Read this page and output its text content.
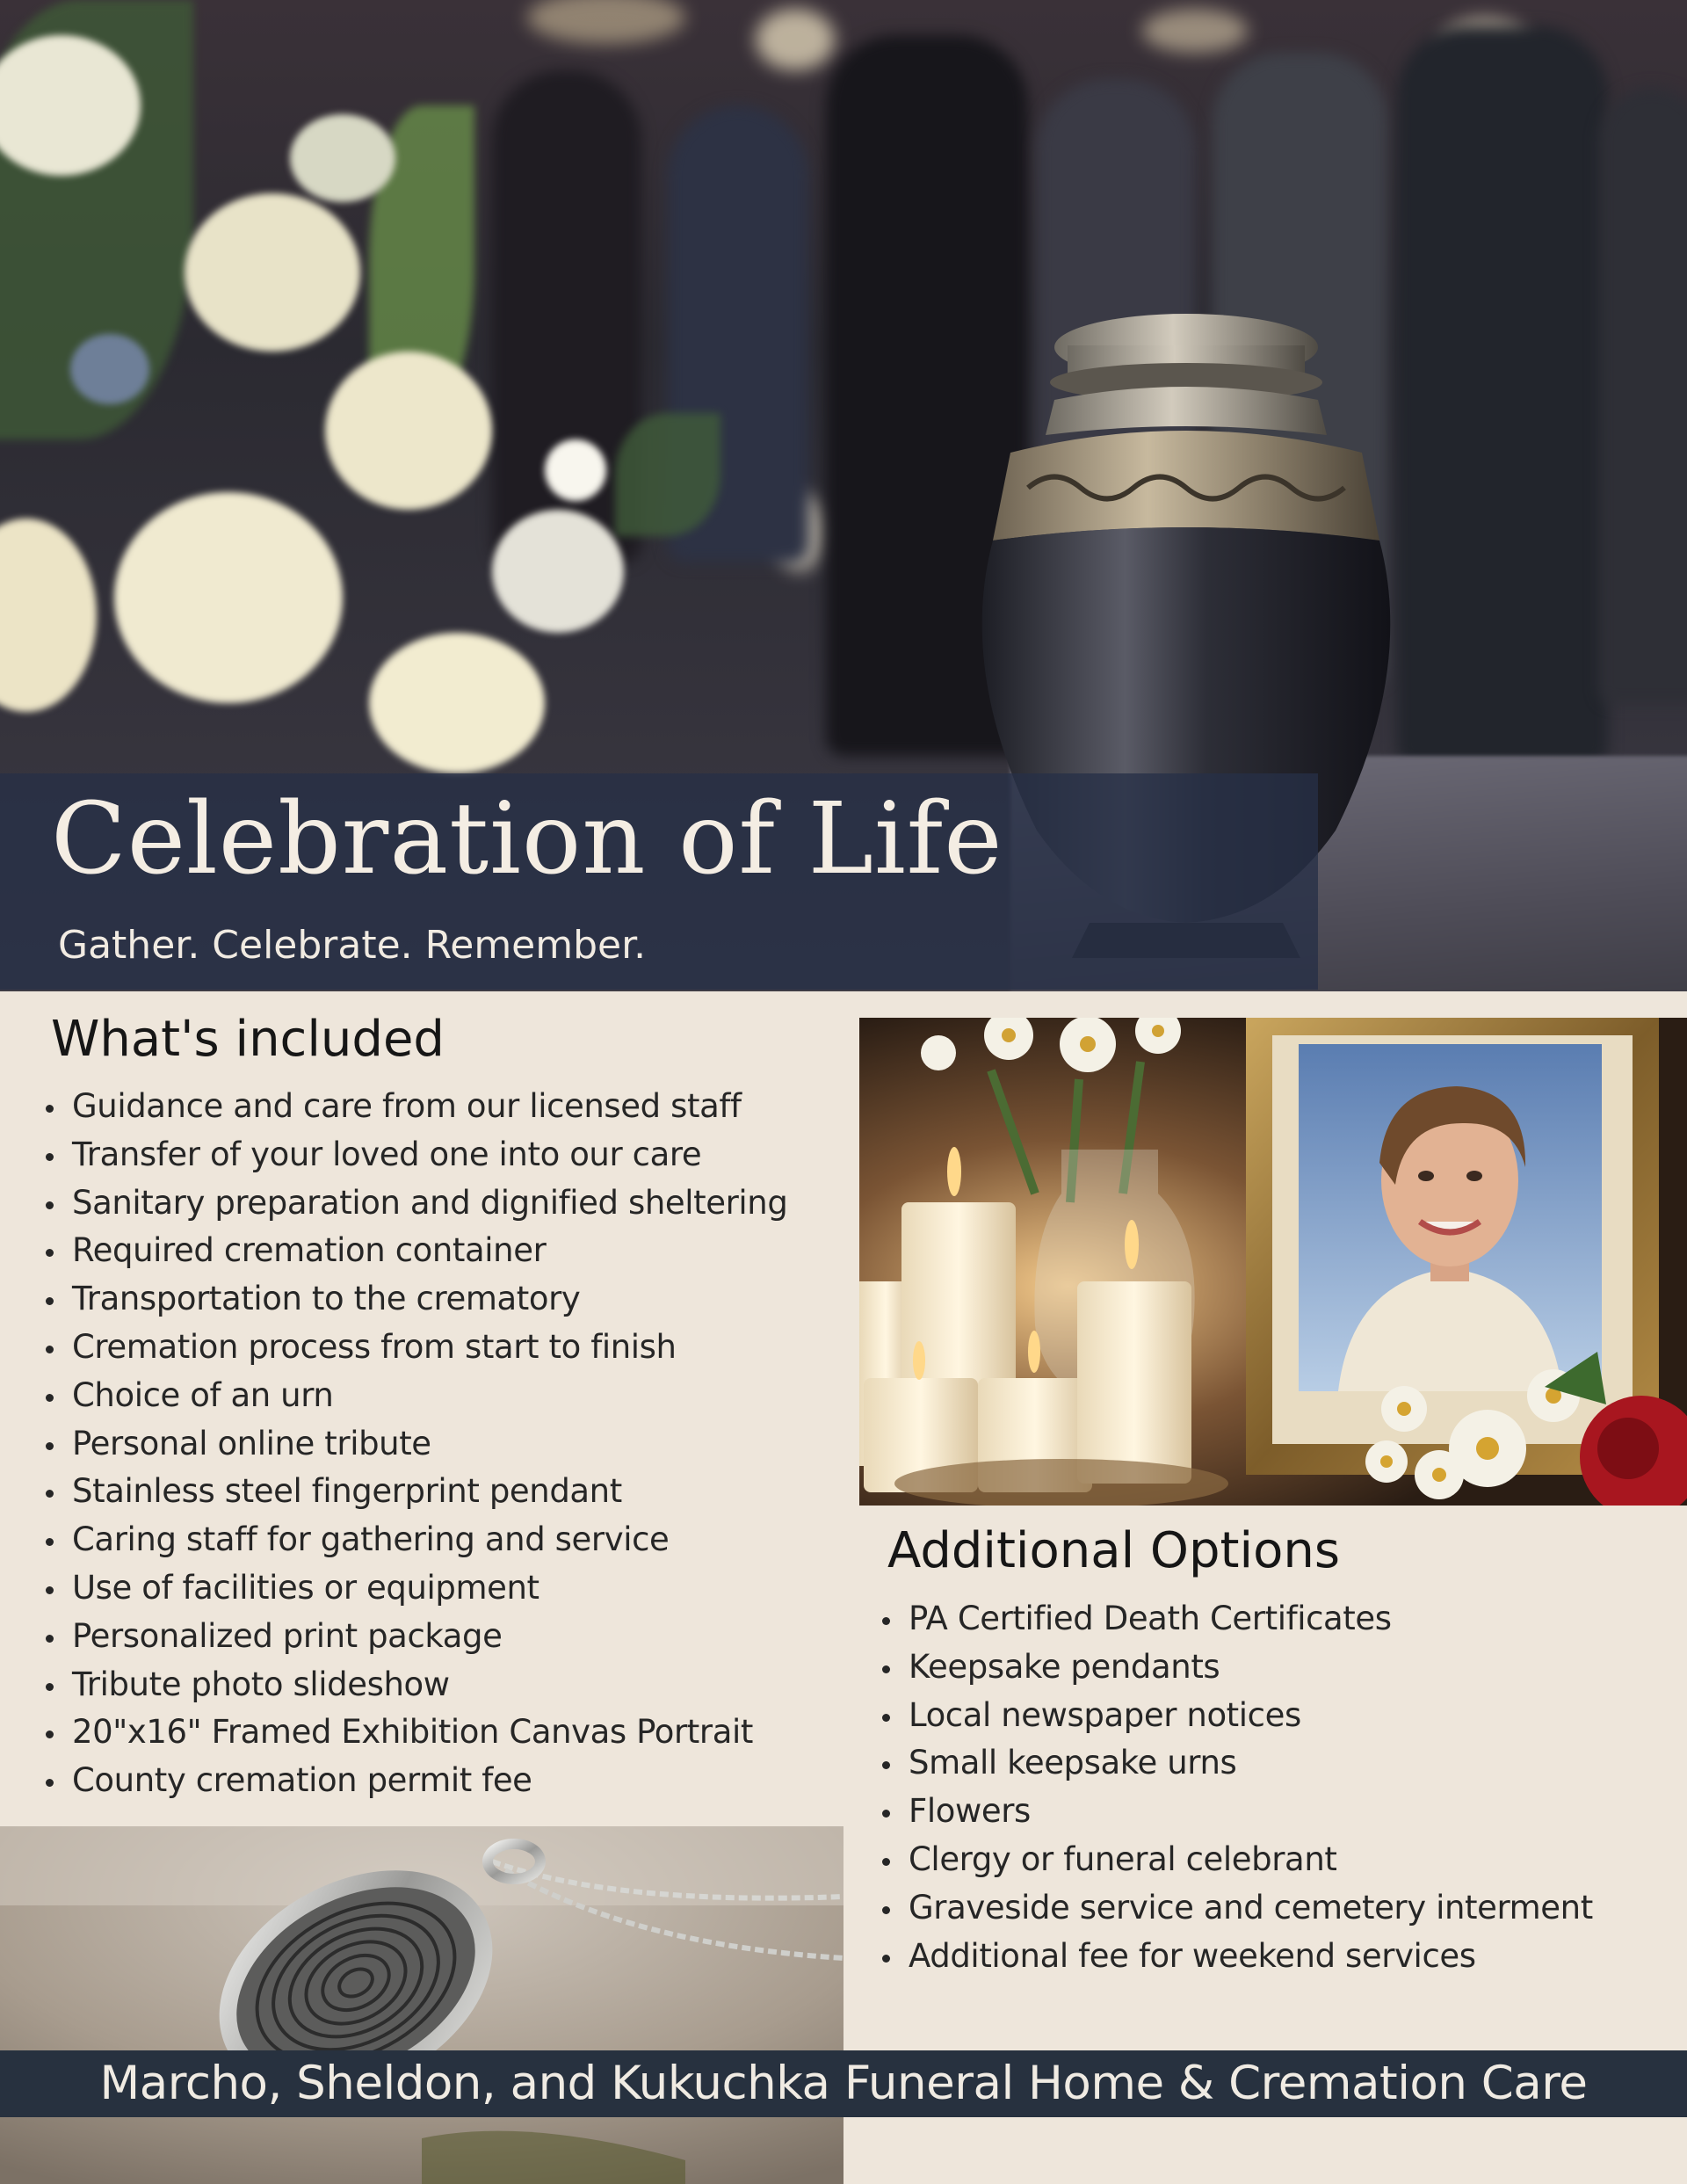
Celebration of Life

Gather. Celebrate. Remember.

What's included
Guidance and care from our licensed staff
Transfer of your loved one into our care
Sanitary preparation and dignified sheltering
Required cremation container
Transportation to the crematory
Cremation process from start to finish
Choice of an urn
Personal online tribute
Stainless steel fingerprint pendant
Caring staff for gathering and service
Use of facilities or equipment
Personalized print package
Tribute photo slideshow
20"x16" Framed Exhibition Canvas Portrait
County cremation permit fee
Additional Options
PA Certified Death Certificates
Keepsake pendants
Local newspaper notices
Small keepsake urns
Flowers
Clergy or funeral celebrant
Graveside service and cemetery interment
Additional fee for weekend services

Marcho, Sheldon, and Kukuchka Funeral Home & Cremation Care
